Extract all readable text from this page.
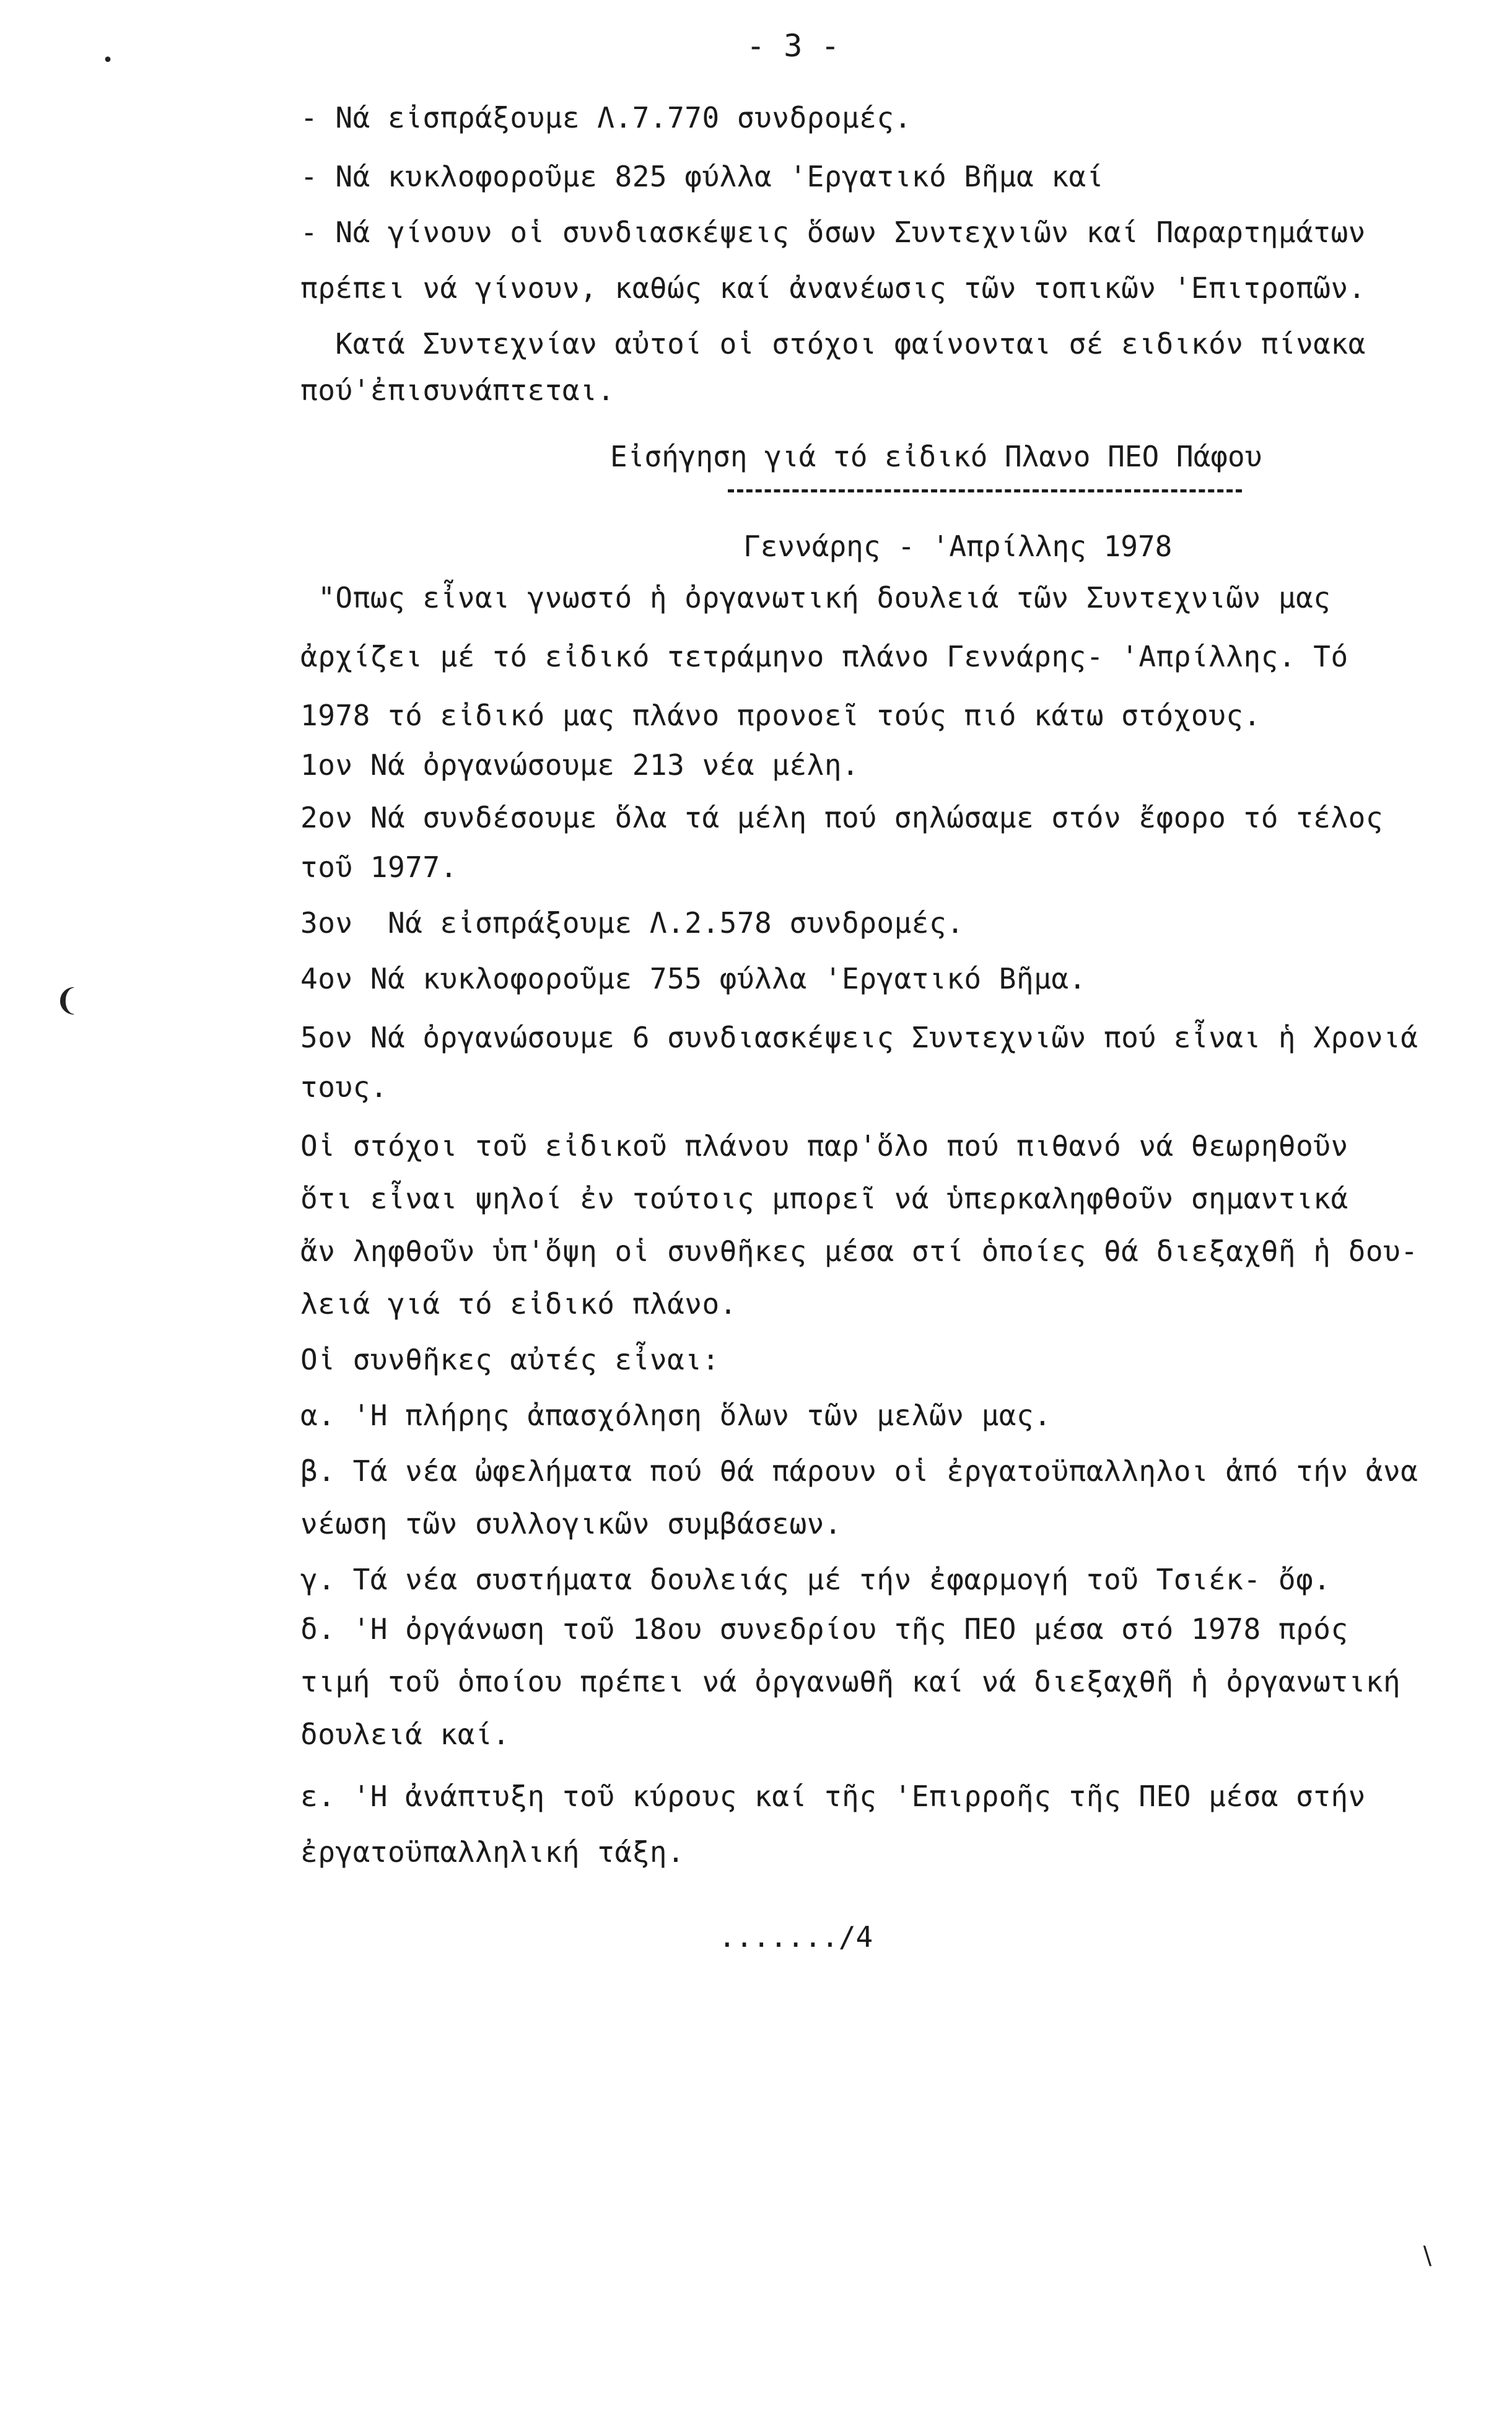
- 3 -
- Νά εἰσπράξουμε Λ.7.770 συνδρομές.
- Νά κυκλοφοροῦμε 825 φύλλα 'Εργατικό Βῆμα καί
- Νά γίνουν οἱ συνδιασκέψεις ὅσων Συντεχνιῶν καί Παραρτημάτων
πρέπει νά γίνουν, καθώς καί ἀνανέωσις τῶν τοπικῶν 'Επιτροπῶν.
Κατά Συντεχνίαν αὐτοί οἱ στόχοι φαίνονται σέ ειδικόν πίνακα
πού'ἐπισυνάπτεται.
Εἰσήγηση γιά τό εἰδικό Πλανο ΠΕΟ Πάφου
Γεννάρης - 'Απρίλλης 1978
"Οπως εἶναι γνωστό ἡ ὀργανωτική δουλειά τῶν Συντεχνιῶν μας
ἀρχίζει μέ τό εἰδικό τετράμηνο πλάνο Γεννάρης- 'Απρίλλης. Τό
1978 τό εἰδικό μας πλάνο προνοεῖ τούς πιό κάτω στόχους.
1ον Νά ὀργανώσουμε 213 νέα μέλη.
2ον Νά συνδέσουμε ὅλα τά μέλη πού σηλώσαμε στόν ἔφορο τό τέλος
τοῦ 1977.
3ον  Νά εἰσπράξουμε Λ.2.578 συνδρομές.
4ον Νά κυκλοφοροῦμε 755 φύλλα 'Εργατικό Βῆμα.
5ον Νά ὀργανώσουμε 6 συνδιασκέψεις Συντεχνιῶν πού εἶναι ἡ Χρονιά
τους.
Οἱ στόχοι τοῦ εἰδικοῦ πλάνου παρ'ὅλο πού πιθανό νά θεωρηθοῦν
ὅτι εἶναι ψηλοί ἐν τούτοις μπορεῖ νά ὑπερκαληφθοῦν σημαντικά
ἄν ληφθοῦν ὑπ'ὄψη οἱ συνθῆκες μέσα στί ὁποίες θά διεξαχθῆ ἡ δου-
λειά γιά τό εἰδικό πλάνο.
Οἱ συνθῆκες αὐτές εἶναι:
α. 'Η πλήρης ἀπασχόληση ὅλων τῶν μελῶν μας.
β. Τά νέα ὠφελήματα πού θά πάρουν οἱ ἐργατοϋπαλληλοι ἀπό τήν ἀνα
νέωση τῶν συλλογικῶν συμβάσεων.
γ. Τά νέα συστήματα δουλειάς μέ τήν ἐφαρμογή τοῦ Τσιέκ- ὄφ.
δ. 'Η ὀργάνωση τοῦ 18ου συνεδρίου τῆς ΠΕΟ μέσα στό 1978 πρός
τιμή τοῦ ὁποίου πρέπει νά ὀργανωθῆ καί νά διεξαχθῆ ἡ ὀργανωτική
δουλειά καί.
ε. 'Η ἀνάπτυξη τοῦ κύρους καί τῆς 'Επιρροῆς τῆς ΠΕΟ μέσα στήν
ἐργατοϋπαλληλική τάξη.
.......∕4
•
❨
∖
